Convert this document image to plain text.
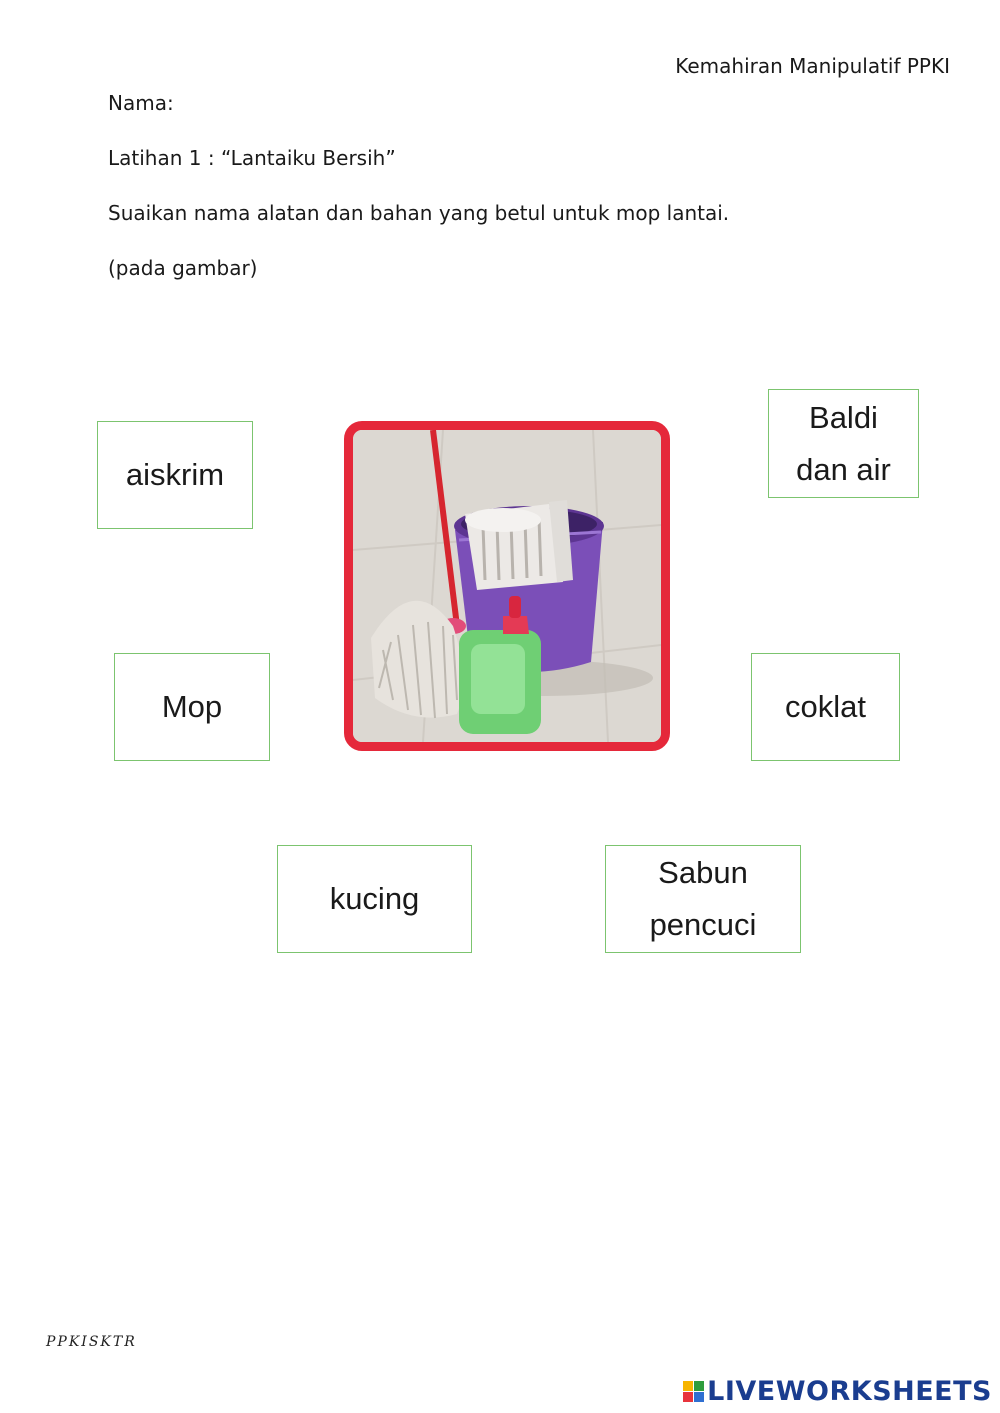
Kemahiran Manipulatif PPKI
Nama:
Latihan 1 : “Lantaiku Bersih”
Suaikan nama alatan dan bahan yang betul untuk mop lantai.
(pada gambar)
aiskrim
Baldi
dan air
Mop	coklat
kucing
Sabun
pencuci
PPKISKTR
LIVEWORKSHEETS
